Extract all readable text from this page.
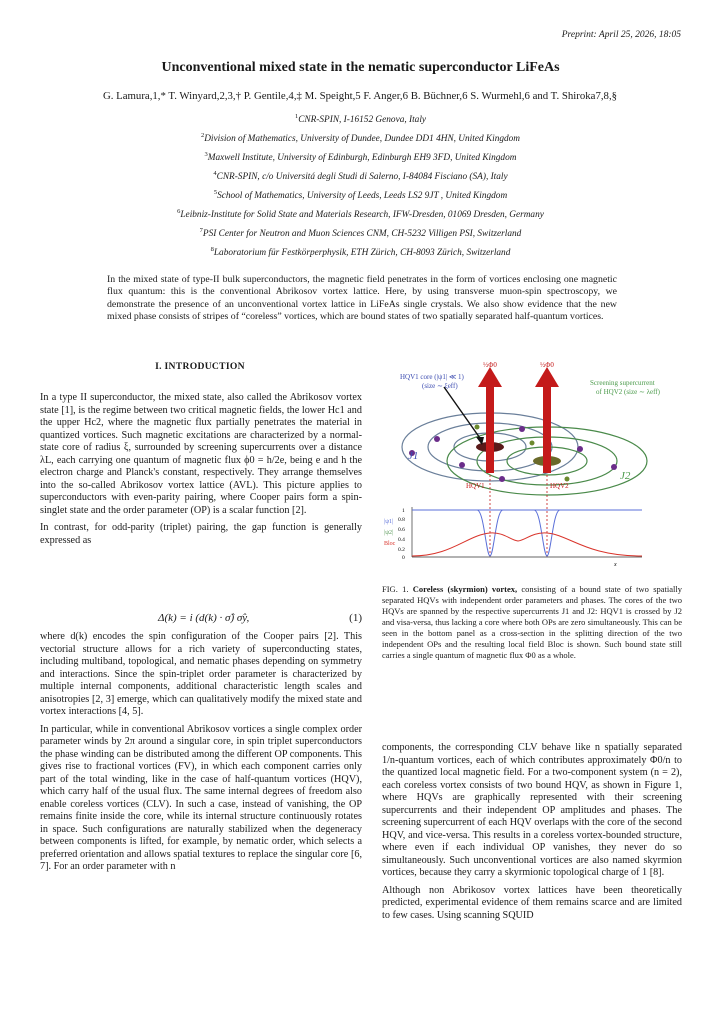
Preprint: April 25, 2026, 18:05
Unconventional mixed state in the nematic superconductor LiFeAs
G. Lamura,1,* T. Winyard,2,3,† P. Gentile,4,‡ M. Speight,5 F. Anger,6 B. Büchner,6 S. Wurmehl,6 and T. Shiroka7,8,§
$^1$CNR-SPIN, I-16152 Genova, Italy
$^2$Division of Mathematics, University of Dundee, Dundee DD1 4HN, United Kingdom
$^3$Maxwell Institute, University of Edinburgh, Edinburgh EH9 3FD, United Kingdom
$^4$CNR-SPIN, c/o Universitá degli Studi di Salerno, I-84084 Fisciano (SA), Italy
$^5$School of Mathematics, University of Leeds, Leeds LS2 9JT , United Kingdom
$^6$Leibniz-Institute for Solid State and Materials Research, IFW-Dresden, 01069 Dresden, Germany
$^7$PSI Center for Neutron and Muon Sciences CNM, CH-5232 Villigen PSI, Switzerland
$^8$Laboratorium für Festkörperphysik, ETH Zürich, CH-8093 Zürich, Switzerland
In the mixed state of type-II bulk superconductors, the magnetic field penetrates in the form of vortices enclosing one magnetic flux quantum: this is the conventional Abrikosov vortex lattice. Here, by using transverse muon-spin spectroscopy, we demonstrate the presence of an unconventional vortex lattice in LiFeAs single crystals. We also show evidence that the new mixed phase consists of stripes of “coreless” vortices, which are bound states of two spatially separated half-quantum vortices.
I. INTRODUCTION

In a type II superconductor, the mixed state, also called the Abrikosov vortex state [1], is the regime between two critical magnetic fields, the lower Hc1 and the upper Hc2, where the magnetic flux partially penetrates the material in quantized vortices. Such magnetic excitations are characterized by a normal-state core of radius ξ, surrounded by screening supercurrents over a distance λL, each carrying one quantum of magnetic flux ϕ0 = h/2e, being e and h the electron charge and Planck's constant, respectively. They arrange themselves into the so-called Abrikosov vortex lattice (AVL). This picture applies to superconductors with even-parity pairing, where Cooper pairs form a spin-singlet state and the order parameter (OP) is a scalar function [2].

In contrast, for odd-parity (triplet) pairing, the gap function is generally expressed as

Δ(k) = i (d(k) · σ̂) σ̂y,	(1)

where d(k) encodes the spin configuration of the Cooper pairs [2]. This vectorial structure allows for a rich variety of superconducting states, including multiband, topological, and nematic phases depending on symmetry and interactions. Since the spin-triplet order parameter is characterized by multiple internal components, additional characteristic length scales and anisotropies [2, 3] emerge, which can qualitatively modify the mixed state and vortex interactions [4, 5].

In particular, while in conventional Abrikosov vortices a single complex order parameter winds by 2π around a singular core, in spin triplet superconductors the phase winding can be distributed among the different OP components. This gives rise to fractional vortices (FV), in which each component carries only part of the total winding, like in the case of half-quantum vortices (HQV), which carry half of the usual flux. The same internal degrees of freedom also enable coreless vortices (CLV). In such a case, instead of vanishing, the OP remains finite inside the core, while its internal structure continuously rotates in space. Such configurations are naturally stabilized when the degeneracy between components is lifted, for example, by nematic order, which selects a preferred orientation and allows spatial textures to replace the singular core [6, 7]. For an order parameter with n

HQV1 core (|ψ1| ≪ 1)
(size ∼ ξeff)	Screening supercurrent
of HQV2 (size ∼ λeff)
½Φ0	½Φ0
J1
J2
HQV1	HQV2
1
0.8
0.6
0.4
0.2
0
|ψ1|
|ψ2|
Bloc
x
FIG. 1. Coreless (skyrmion) vortex, consisting of a bound state of two spatially separated HQVs with independent order parameters and phases. The cores of the two HQVs are spanned by the respective supercurrents J1 and J2: HQV1 is crossed by J2 and visa-versa, thus lacking a core where both OPs are zero simultaneously. This can be seen in the bottom panel as a cross-section in the splitting direction of the two independent OPs and the resulting local field Bloc is shown. Such bound state still carries a single quantum of magnetic flux Φ0 as a whole.

components, the corresponding CLV behave like n spatially separated 1/n-quantum vortices, each of which contributes approximately Φ0/n to the quantized local magnetic field. For a two-component system (n = 2), each coreless vortex consists of two bound HQV, as shown in Figure 1, where HQVs are graphically represented with their screening supercurrents and their independent OP amplitudes and phases. The screening supercurrent of each HQV overlaps with the core of the second HQV, and vice-versa. This results in a coreless vortex-bounded structure, where even if each individual OP vanishes, they never do so simultaneously. Such unconventional vortices are also named skyrmion vortices, because they carry a skyrmionic topological charge of 1 [8].

Although non Abrikosov vortex lattices have been theoretically predicted, experimental evidence of them remains scarce and are limited to few cases. Using scanning SQUID
